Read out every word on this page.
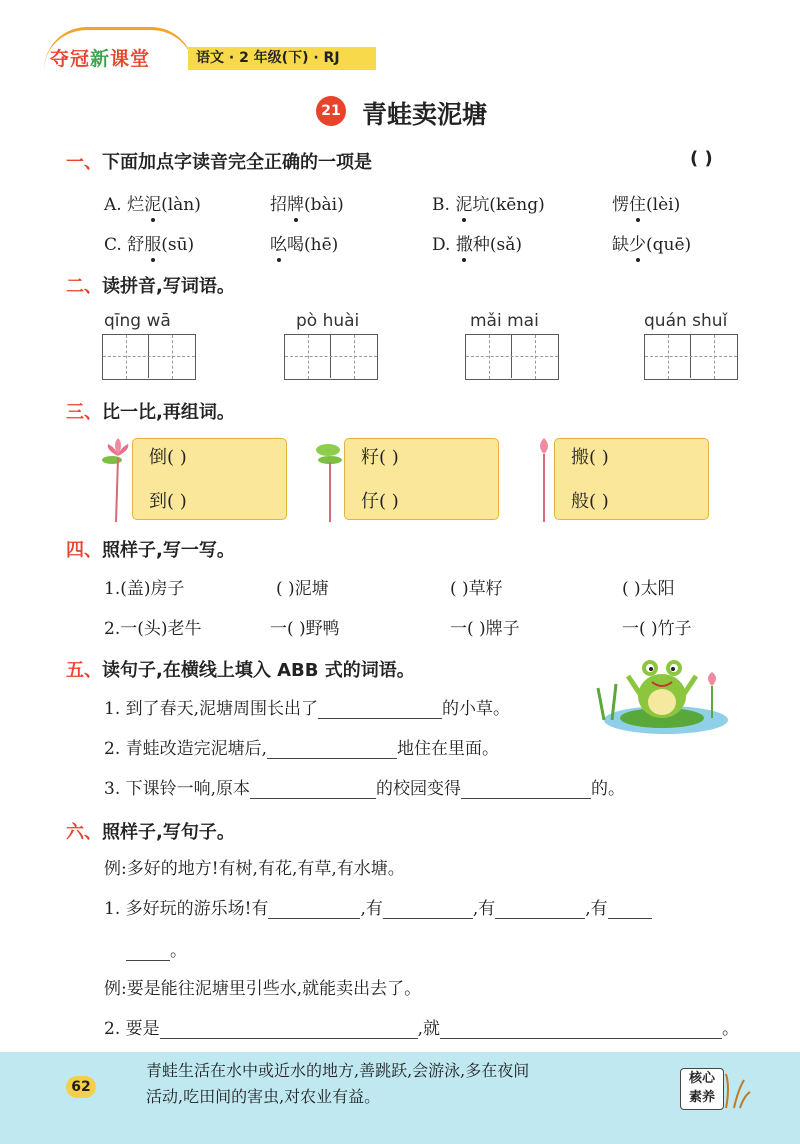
夺冠新课堂	语文 · 2 年级(下) · RJ
21 青蛙卖泥塘
一、下面加点字读音完全正确的一项是	( )
A. 烂泥(làn)	招牌(bài)	B. 泥坑(kēng)	愣住(lèi)
C. 舒服(sū)	吆喝(hē)	D. 撒种(sǎ)	缺少(quē)
二、读拼音,写词语。
qīng wā	pò huài	mǎi mai	quán shuǐ
三、比一比,再组词。
倒( )
到( )
籽( )
仔( )
搬( )
般( )
四、照样子,写一写。
1.(盖)房子	( )泥塘	( )草籽	( )太阳
2.一(头)老牛	一( )野鸭	一( )牌子	一( )竹子
五、读句子,在横线上填入 ABB 式的词语。
1. 到了春天,泥塘周围长出了	的小草。
2. 青蛙改造完泥塘后,	地住在里面。
3. 下课铃一响,原本	的校园变得	的。
六、照样子,写句子。
例:多好的地方!有树,有花,有草,有水塘。
1. 多好玩的游乐场!有	,有	,有	,有
。
例:要是能往泥塘里引些水,就能卖出去了。
2. 要是	,就	。
62
青蛙生活在水中或近水的地方,善跳跃,会游泳,多在夜间
活动,吃田间的害虫,对农业有益。
核心
素养
